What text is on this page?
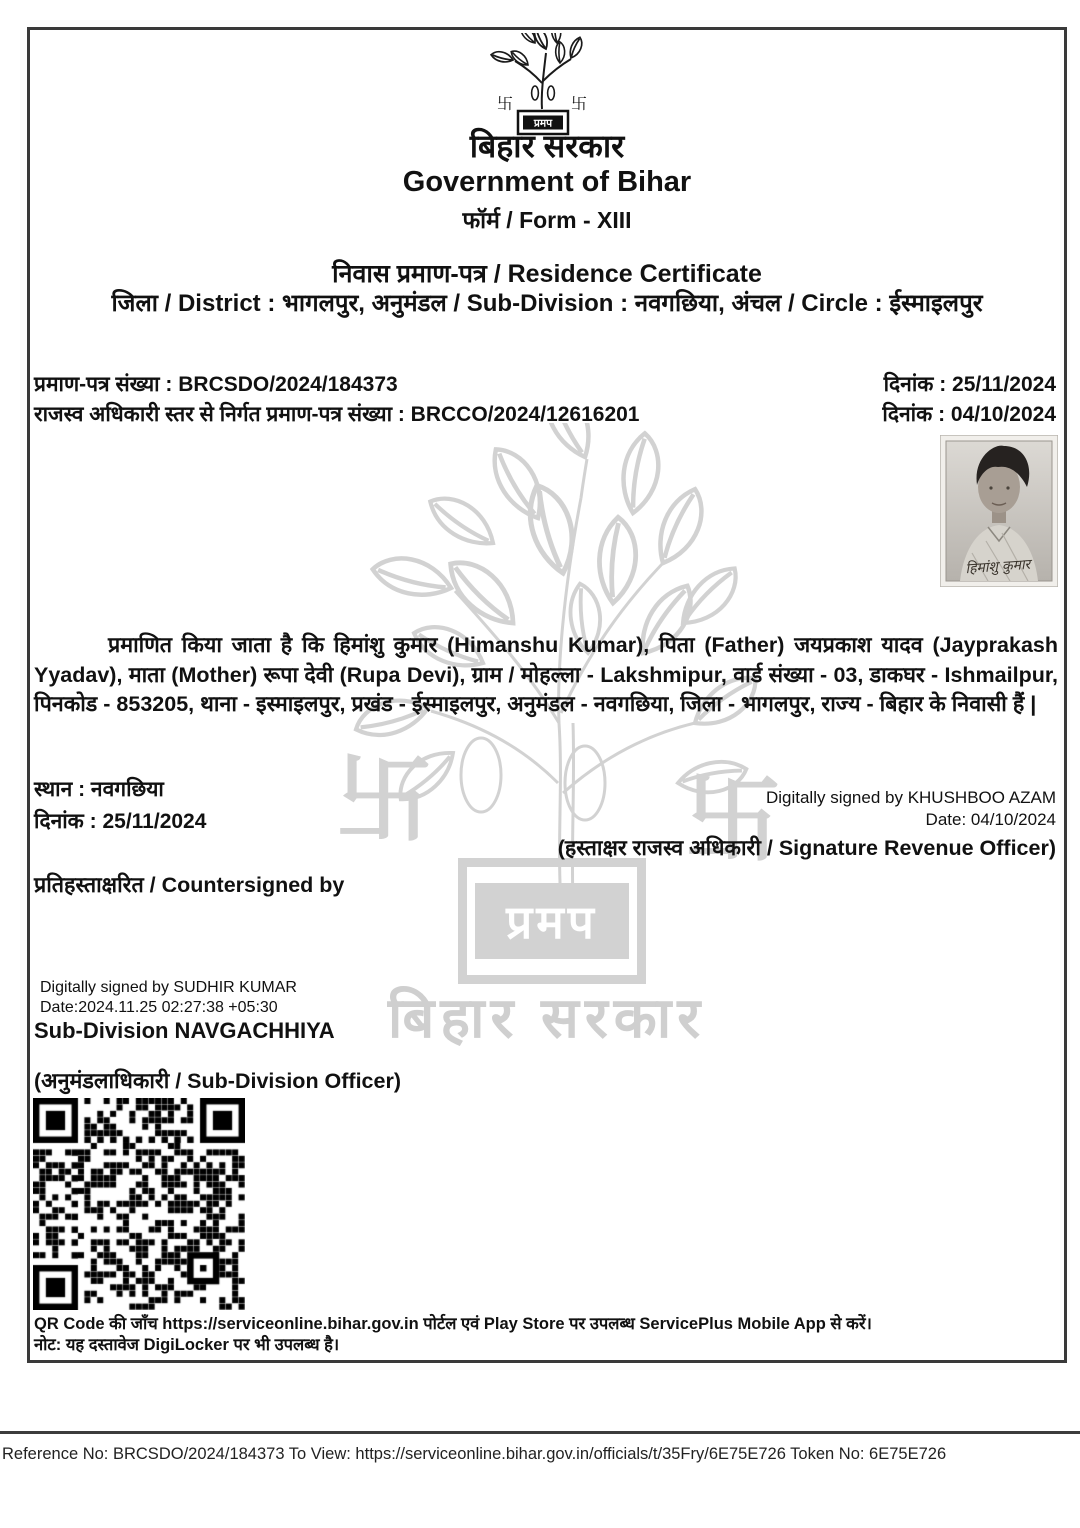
卐	卐
प्रमप
बिहार सरकार
卐	卐
प्रमप
बिहार सरकार
Government of Bihar
फॉर्म / Form - XIII
निवास प्रमाण-पत्र / Residence Certificate
जिला / District : भागलपुर, अनुमंडल / Sub-Division : नवगछिया, अंचल / Circle : ईस्माइलपुर
प्रमाण-पत्र संख्या : BRCSDO/2024/184373	दिनांक : 25/11/2024
राजस्व अधिकारी स्तर से निर्गत प्रमाण-पत्र संख्या : BRCCO/2024/12616201	दिनांक : 04/10/2024
हिमांशु कुमार

प्रमाणित किया जाता है कि हिमांशु कुमार (Himanshu Kumar), पिता (Father) जयप्रकाश यादव (Jayprakash Yyadav), माता (Mother) रूपा देवी (Rupa Devi), ग्राम / मोहल्ला - Lakshmipur, वार्ड संख्या - 03, डाकघर - Ishmailpur, पिनकोड - 853205, थाना - इस्माइलपुर, प्रखंड - ईस्माइलपुर, अनुमंडल - नवगछिया, जिला - भागलपुर, राज्य - बिहार के निवासी हैं |

स्थान : नवगछिया
दिनांक : 25/11/2024
Digitally signed by KHUSHBOO AZAM
Date: 04/10/2024
(हस्ताक्षर राजस्व अधिकारी / Signature Revenue Officer)
प्रतिहस्ताक्षरित / Countersigned by
Digitally signed by SUDHIR KUMAR
Date:2024.11.25 02:27:38 +05:30
Sub-Division NAVGACHHIYA
(अनुमंडलाधिकारी / Sub-Division Officer)
QR Code की जाँच https://serviceonline.bihar.gov.in पोर्टल एवं Play Store पर उपलब्ध ServicePlus Mobile App से करें।
नोट: यह दस्तावेज DigiLocker पर भी उपलब्ध है।
Reference No: BRCSDO/2024/184373 To View: https://serviceonline.bihar.gov.in/officials/t/35Fry/6E75E726 Token No: 6E75E726
